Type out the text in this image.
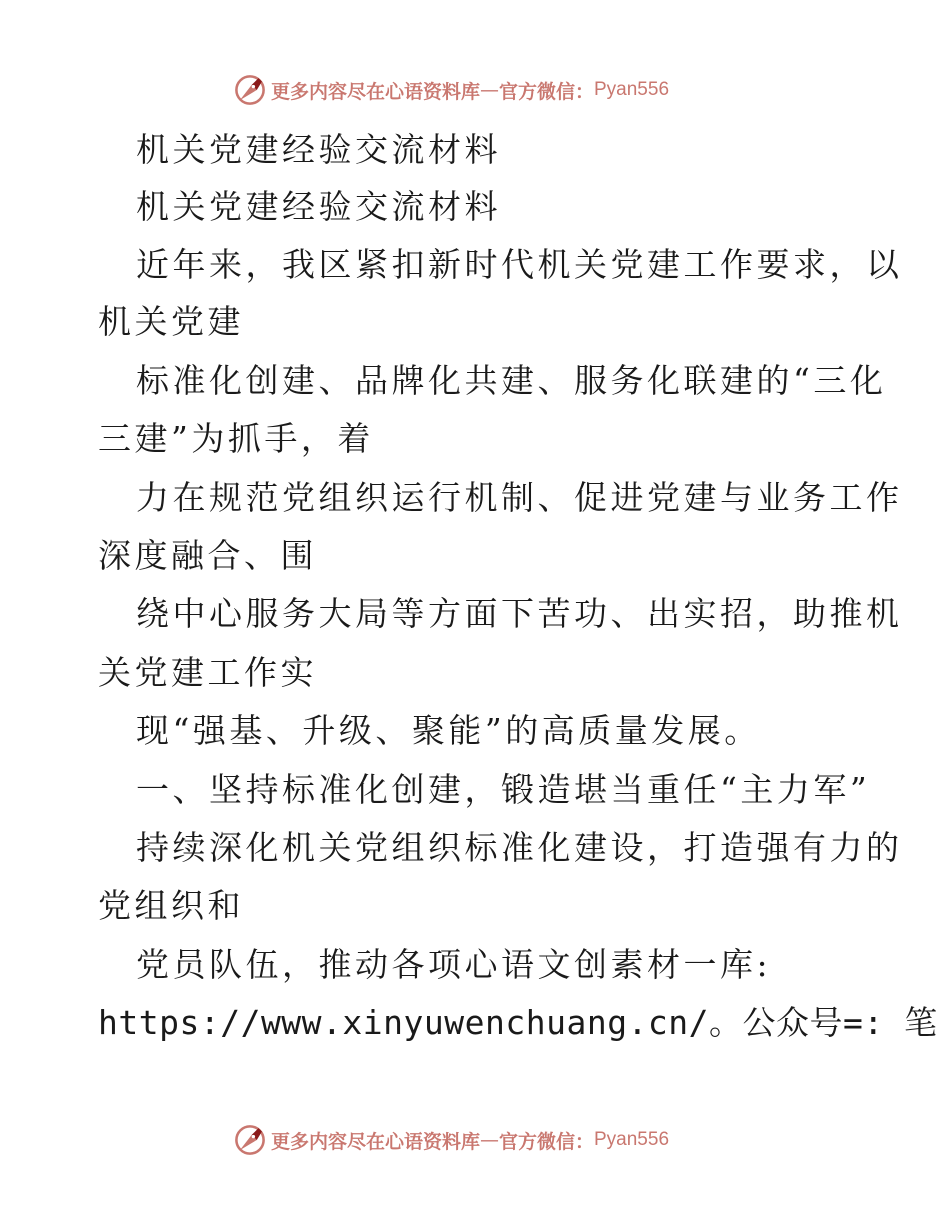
更多内容尽在心语资料库 — 官方微信： Pyan556
机关党建经验交流材料
机关党建经验交流材料
近年来，我区紧扣新时代机关党建工作要求，以
机关党建
标准化创建、品牌化共建、服务化联建的“三化
三建”为抓手，着
力在规范党组织运行机制、促进党建与业务工作
深度融合、围
绕中心服务大局等方面下苦功、出实招，助推机
关党建工作实
现“强基、升级、聚能”的高质量发展。
一、坚持标准化创建，锻造堪当重任“主力军”
持续深化机关党组织标准化建设，打造强有力的
党组织和
党员队伍，推动各项心语文创素材一库:
https://www.xinyuwenchuang.cn/。公众号=: 笔
更多内容尽在心语资料库 — 官方微信： Pyan556
